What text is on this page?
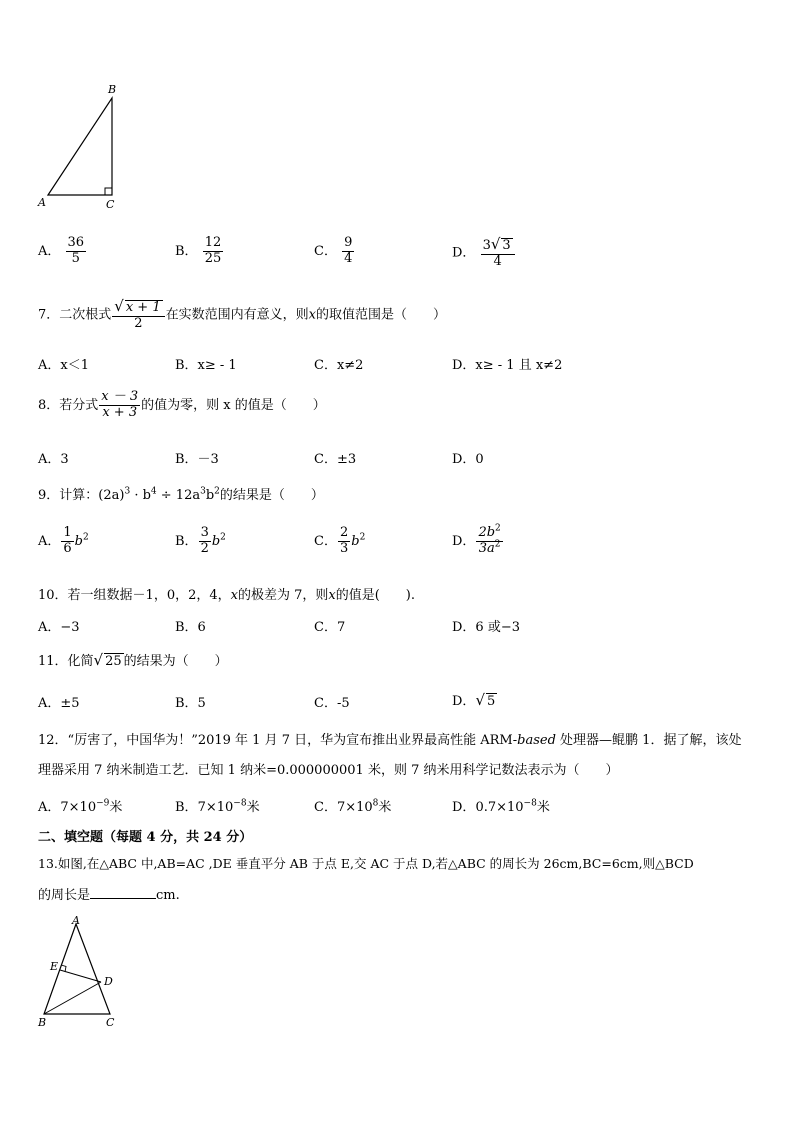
B
A	C
A． $\frac{36}{5}$	B． $\frac{12}{25}$	C． $\frac{9}{4}$	D． $\frac{3√ 3}{4}$
7．二次根式 $\frac{√ x + 1}{2}$ 在实数范围内有意义，则x的取值范围是（　　）
A．x＜1	B．x≥ - 1	C．x≠2	D．x≥ - 1 且 x≠2
8．若分式 $\frac{x - 3}{x + 3}$ 的值为零，则 x 的值是（　　）
A．3	B．－3	C．±3	D．0
9．计算：$(2a)^3 \cdot b^4 \div 12a^3b^2$的结果是（　　）
A． $\frac{1}{6} b^2$	B． $\frac{3}{2} b^2$	C． $\frac{2}{3} b^2$	D． $\frac{2b^2}{3a^2}$
10．若一组数据－1，0，2，4，x的极差为 7，则x的值是(　　).
A．−3	B．6	C．7	D．6 或−3
11．化简√ 25 的结果为（　　）
A．±5	B．5	C．-5	D．√ 5
12．“厉害了，中国华为！”2019 年 1 月 7 日，华为宣布推出业界最高性能 ARM-based 处理器—鲲鹏 1．据了解，该处
理器采用 7 纳米制造工艺．已知 1 纳米=0.000000001 米，则 7 纳米用科学记数法表示为（　　）
A．$7\times 10^{-9}$米	B．$7\times 10^{-8}$米	C．$7\times 10^8$米	D．$0.7\times 10^{-8}$米
二、填空题（每题 4 分，共 24 分）
13.如图,在△ABC 中,AB=AC ,DE 垂直平分 AB 于点 E,交 AC 于点 D,若△ABC 的周长为 26cm,BC=6cm,则△BCD
的周长是	cm.
A
E
D
B	C
